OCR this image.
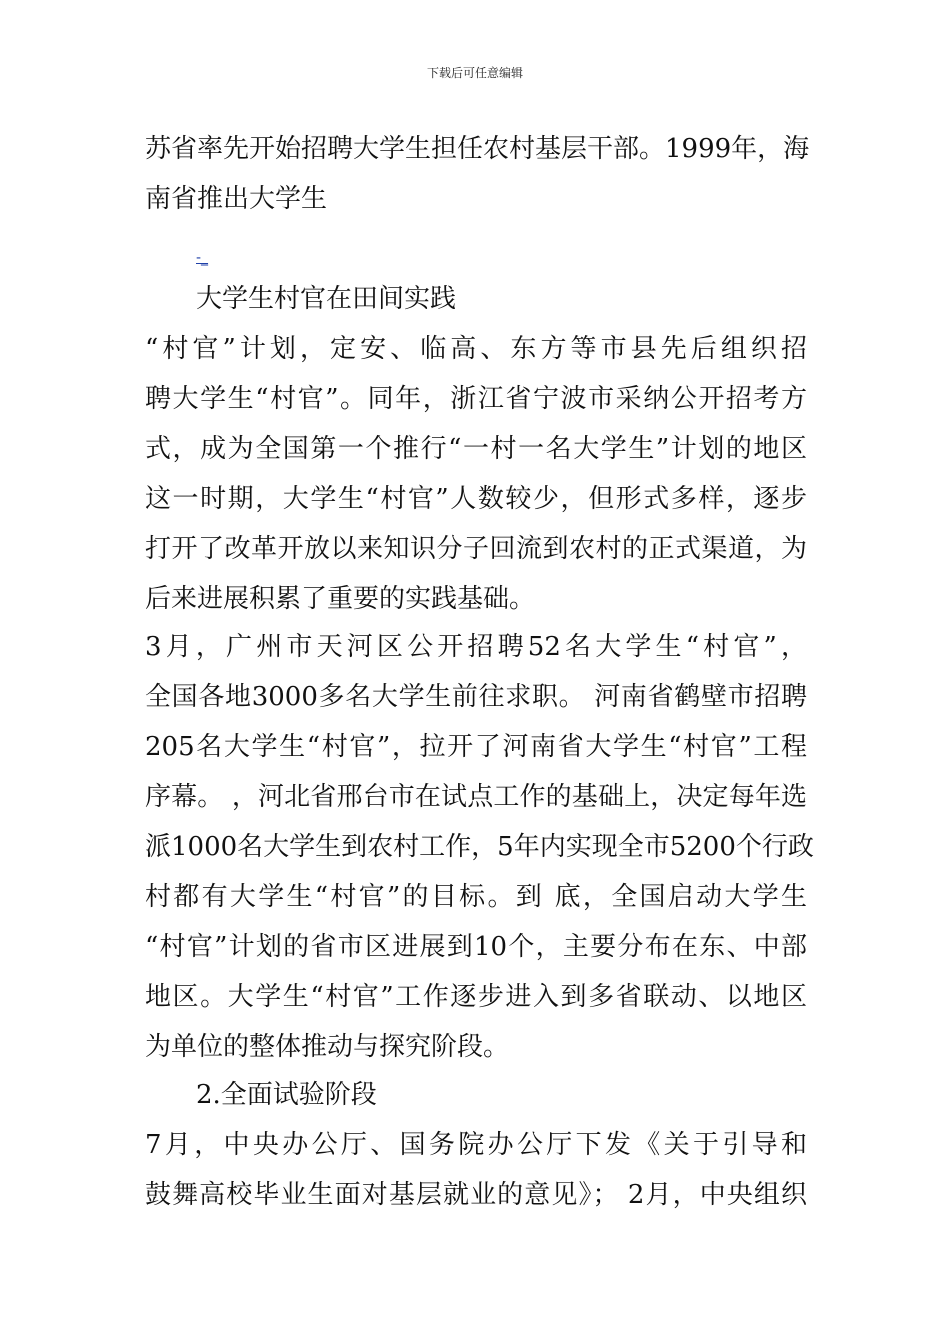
下载后可任意编辑
苏省率先开始招聘大学生担任农村基层干部。1999年，海
南省推出大学生
-_
大学生村官在田间实践
“村官”计划，定安、临高、东方等市县先后组织招
聘大学生“村官”。同年，浙江省宁波市采纳公开招考方
式，成为全国第一个推行“一村一名大学生”计划的地区
这一时期，大学生“村官”人数较少，但形式多样，逐步
打开了改革开放以来知识分子回流到农村的正式渠道，为
后来进展积累了重要的实践基础。
3月，广州市天河区公开招聘52名大学生“村官”，
全国各地3000多名大学生前往求职。 河南省鹤壁市招聘
205名大学生“村官”，拉开了河南省大学生“村官”工程
序幕。 ，河北省邢台市在试点工作的基础上，决定每年选
派1000名大学生到农村工作，5年内实现全市5200个行政
村都有大学生“村官”的目标。到 底，全国启动大学生
“村官”计划的省市区进展到10个，主要分布在东、中部
地区。大学生“村官”工作逐步进入到多省联动、以地区
为单位的整体推动与探究阶段。
2.全面试验阶段
7月，中央办公厅、国务院办公厅下发《关于引导和
鼓舞高校毕业生面对基层就业的意见》； 2月，中央组织
